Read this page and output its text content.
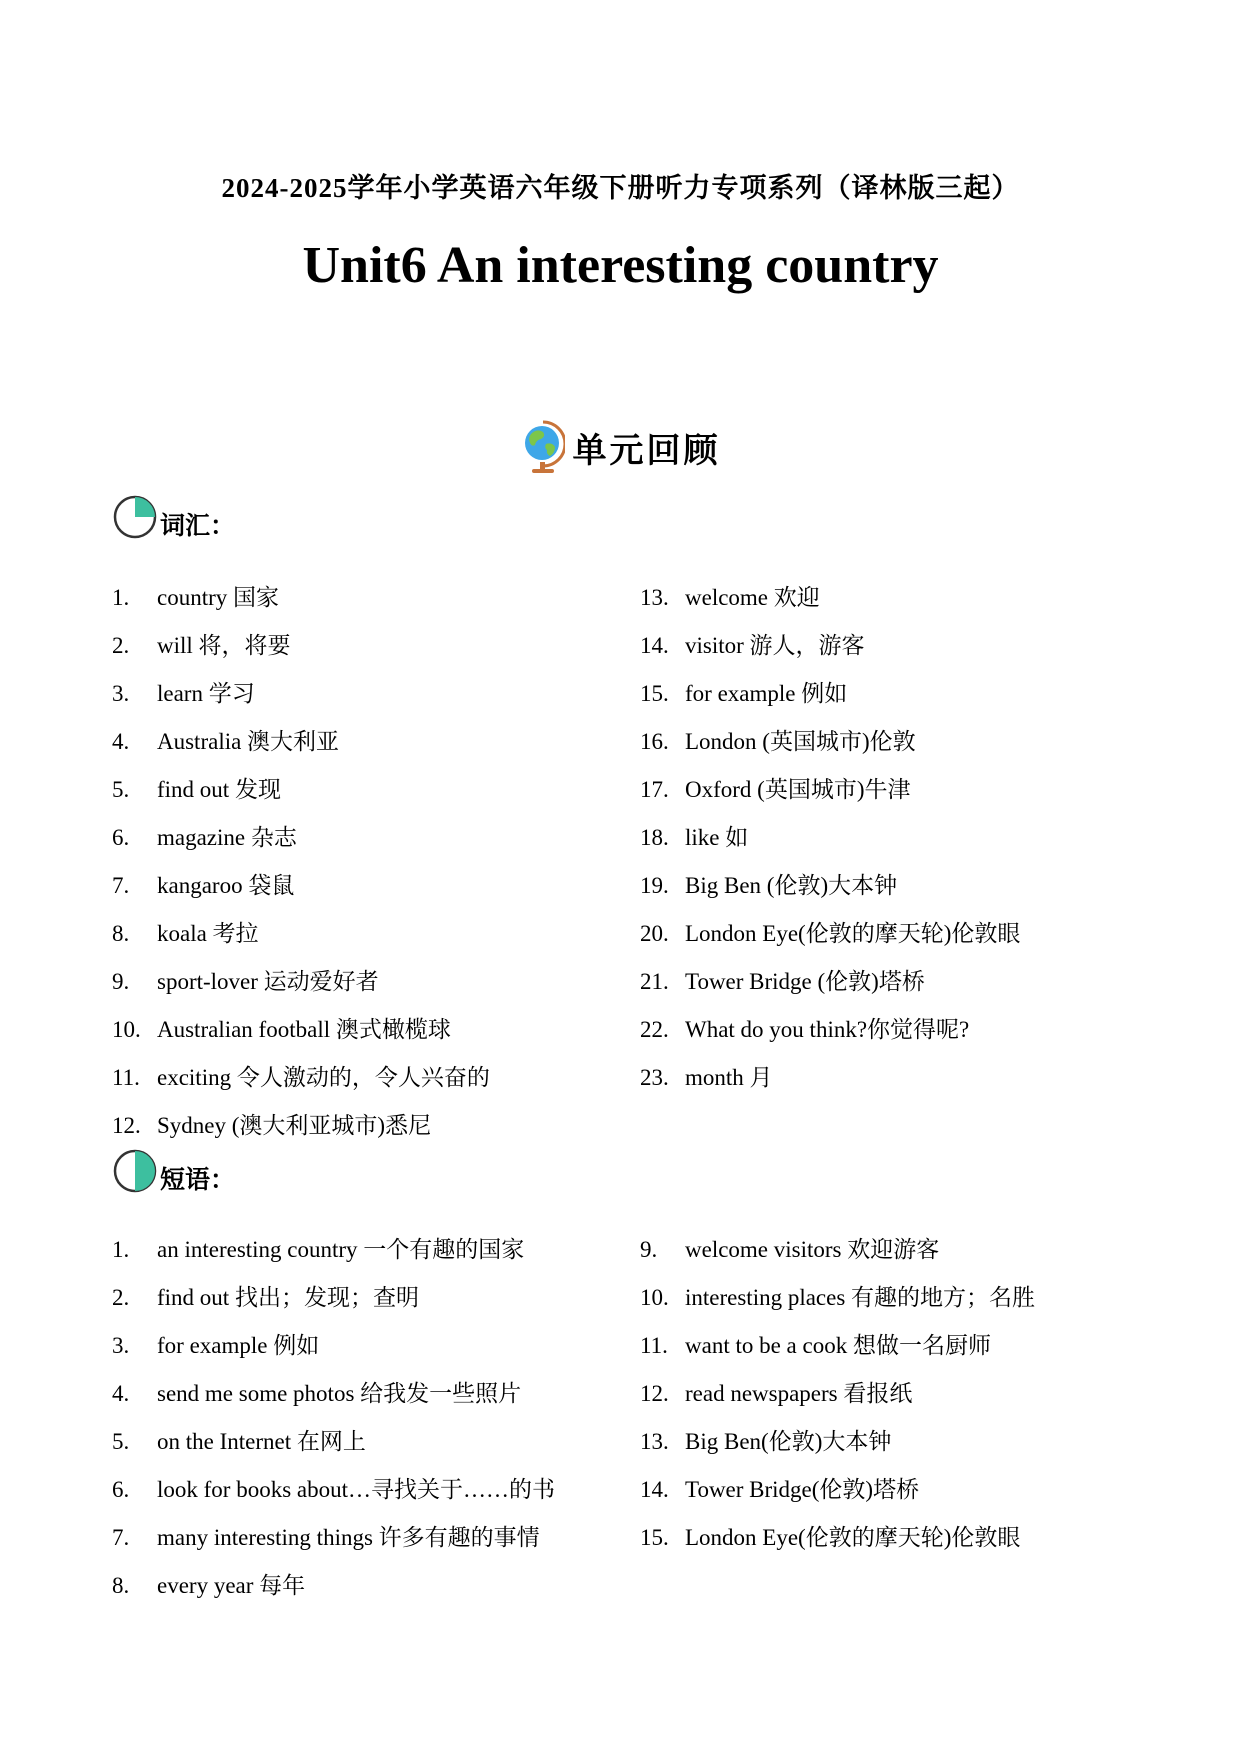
2024-2025学年小学英语六年级下册听力专项系列（译林版三起）
Unit6 An interesting country
单元回顾
词汇：
1.	country 国家
2.	will 将，将要
3.	learn 学习
4.	Australia 澳大利亚
5.	find out 发现
6.	magazine 杂志
7.	kangaroo 袋鼠
8.	koala 考拉
9.	sport-lover 运动爱好者
10. Australian football 澳式橄榄球
11. exciting 令人激动的，令人兴奋的
12. Sydney (澳大利亚城市)悉尼
13. welcome 欢迎
14. visitor 游人，游客
15. for example 例如
16. London (英国城市)伦敦
17. Oxford (英国城市)牛津
18. like 如
19. Big Ben (伦敦)大本钟
20. London Eye(伦敦的摩天轮)伦敦眼
21. Tower Bridge (伦敦)塔桥
22. What do you think?你觉得呢?
23. month 月
短语：
1.	an interesting country 一个有趣的国家
2.	find out 找出；发现；查明
3.	for example 例如
4.	send me some photos 给我发一些照片
5.	on the Internet 在网上
6.	look for books about…寻找关于……的书
7.	many interesting things 许多有趣的事情
8.	every year 每年
9.	welcome visitors 欢迎游客
10. interesting places 有趣的地方；名胜
11. want to be a cook 想做一名厨师
12. read newspapers 看报纸
13. Big Ben(伦敦)大本钟
14. Tower Bridge(伦敦)塔桥
15. London Eye(伦敦的摩天轮)伦敦眼
